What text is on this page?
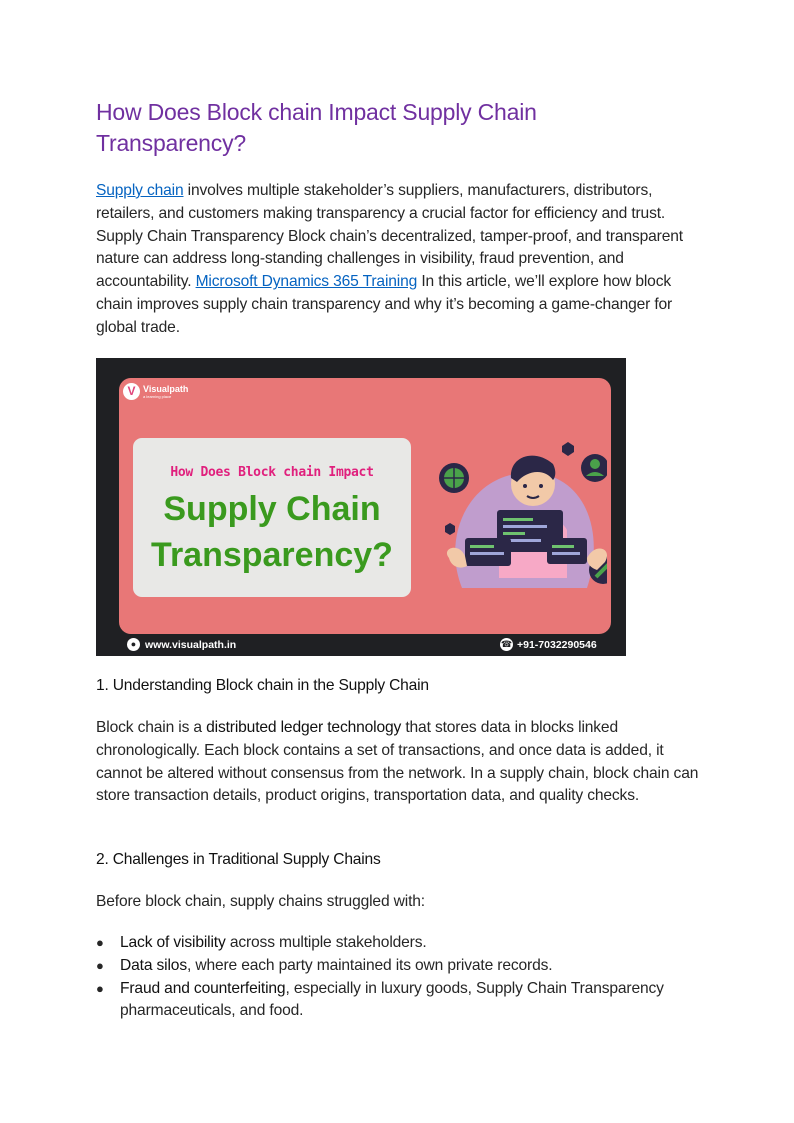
How Does Block chain Impact Supply Chain Transparency?

Supply chain involves multiple stakeholder’s suppliers, manufacturers, distributors, retailers, and customers making transparency a crucial factor for efficiency and trust. Supply Chain Transparency Block chain’s decentralized, tamper-proof, and transparent nature can address long-standing challenges in visibility, fraud prevention, and accountability. Microsoft Dynamics 365 Training In this article, we’ll explore how block chain improves supply chain transparency and why it’s becoming a game-changer for global trade.

V Visualpath
a learning place

How Does Block chain Impact

Supply Chain Transparency?

● www.visualpath.in	☎ +91-7032290546
1. Understanding Block chain in the Supply Chain

Block chain is a distributed ledger technology that stores data in blocks linked chronologically. Each block contains a set of transactions, and once data is added, it cannot be altered without consensus from the network. In a supply chain, block chain can store transaction details, product origins, transportation data, and quality checks.

2. Challenges in Traditional Supply Chains

Before block chain, supply chains struggled with:

● Lack of visibility across multiple stakeholders.
● Data silos, where each party maintained its own private records.
● Fraud and counterfeiting, especially in luxury goods, Supply Chain Transparency pharmaceuticals, and food.
